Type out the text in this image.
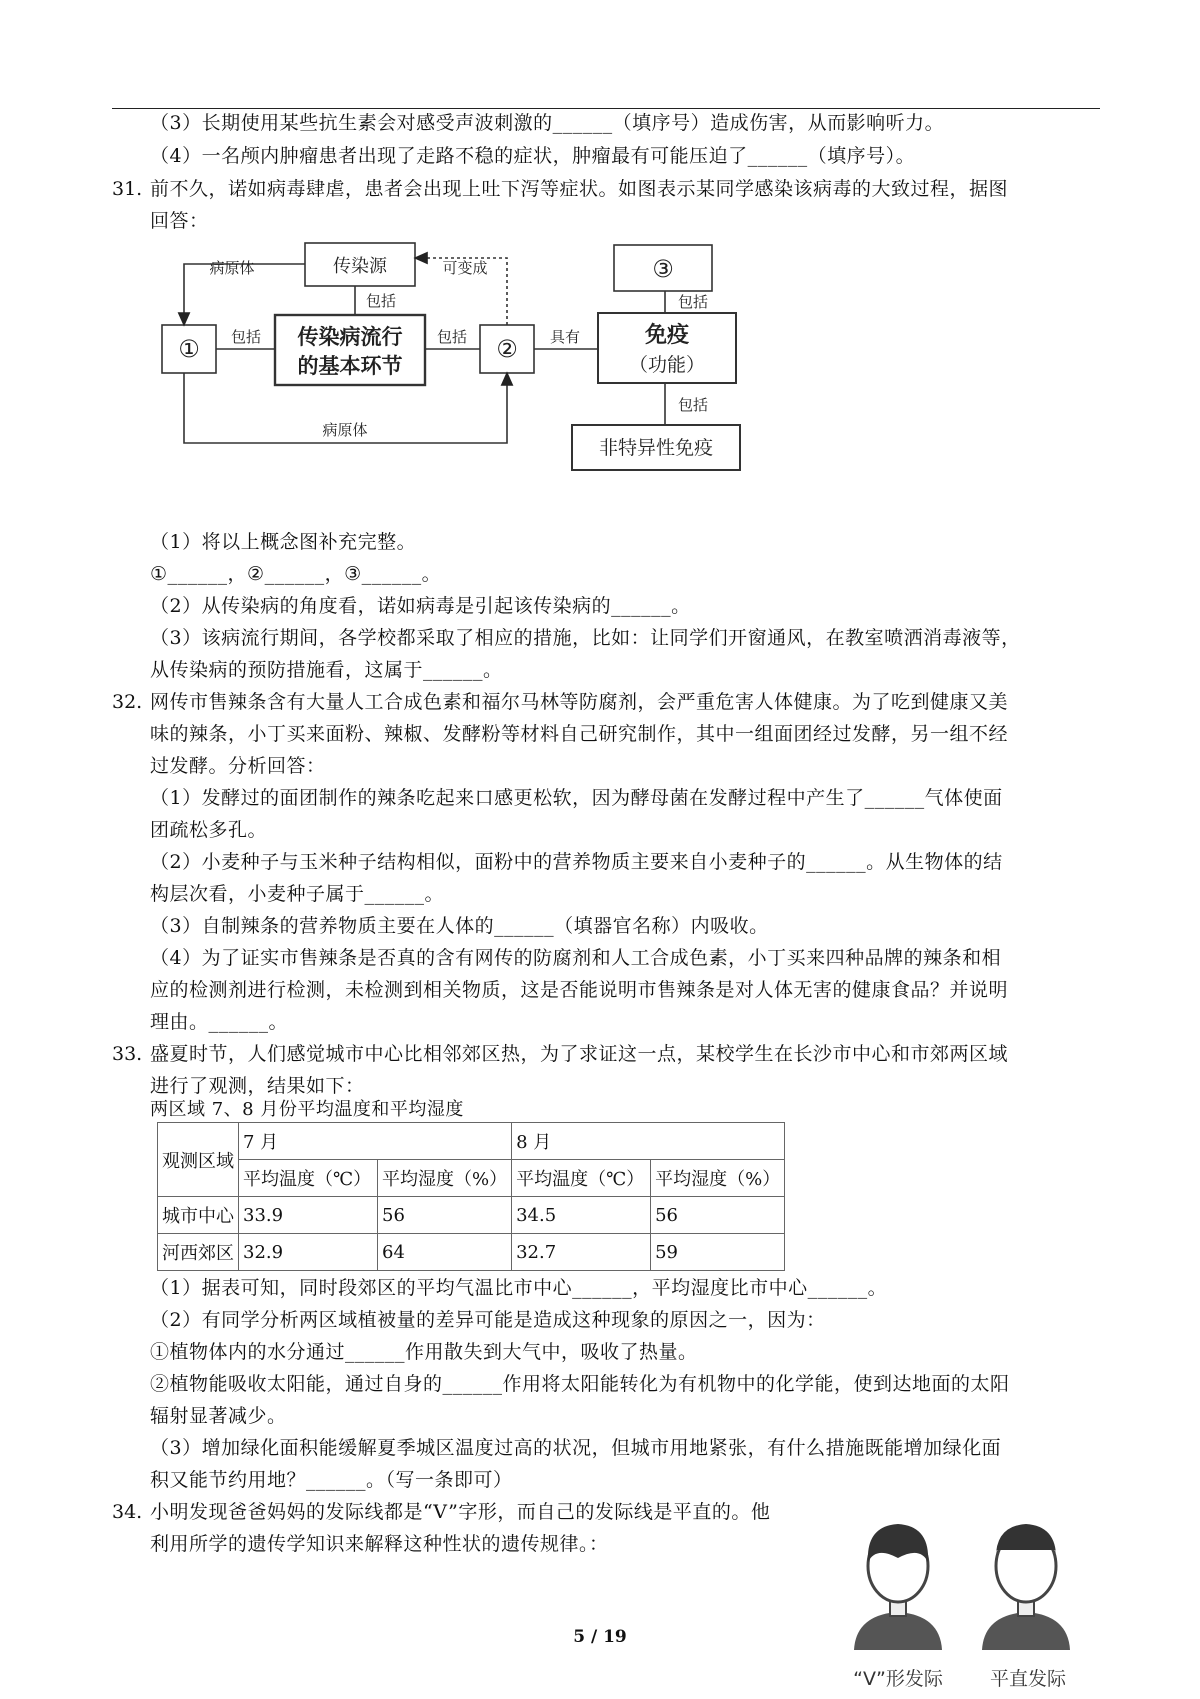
（3）长期使用某些抗生素会对感受声波刺激的______（填序号）造成伤害，从而影响听力。
（4）一名颅内肿瘤患者出现了走路不稳的症状，肿瘤最有可能压迫了______（填序号）。
31. 前不久，诺如病毒肆虐，患者会出现上吐下泻等症状。如图表示某同学感染该病毒的大致过程，据图
回答：
传染源
传染病流行
的基本环节
①	②
③
免疫
（功能）
非特异性免疫
病原体
病原体
包括
包括	包括
包括
包括
可变成
具有
（1）将以上概念图补充完整。
①______，②______，③______。
（2）从传染病的角度看，诺如病毒是引起该传染病的______。
（3）该病流行期间，各学校都采取了相应的措施，比如：让同学们开窗通风，在教室喷洒消毒液等，
从传染病的预防措施看，这属于______。
32. 网传市售辣条含有大量人工合成色素和福尔马林等防腐剂，会严重危害人体健康。为了吃到健康又美
味的辣条，小丁买来面粉、辣椒、发酵粉等材料自己研究制作，其中一组面团经过发酵，另一组不经
过发酵。分析回答：
（1）发酵过的面团制作的辣条吃起来口感更松软，因为酵母菌在发酵过程中产生了______气体使面
团疏松多孔。
（2）小麦种子与玉米种子结构相似，面粉中的营养物质主要来自小麦种子的______。从生物体的结
构层次看，小麦种子属于______。
（3）自制辣条的营养物质主要在人体的______（填器官名称）内吸收。
（4）为了证实市售辣条是否真的含有网传的防腐剂和人工合成色素，小丁买来四种品牌的辣条和相
应的检测剂进行检测，未检测到相关物质，这是否能说明市售辣条是对人体无害的健康食品？并说明
理由。______。
33. 盛夏时节，人们感觉城市中心比相邻郊区热，为了求证这一点，某校学生在长沙市中心和市郊两区域
进行了观测，结果如下：
两区域 7、8 月份平均温度和平均湿度
观测区域	7 月		8 月	
	平均温度（℃）	平均湿度（%）	平均温度（℃）	平均湿度（%）
城市中心	33.9	56	34.5	56
河西郊区	32.9	64	32.7	59
（1）据表可知，同时段郊区的平均气温比市中心______，平均湿度比市中心______。
（2）有同学分析两区域植被量的差异可能是造成这种现象的原因之一，因为：
①植物体内的水分通过______作用散失到大气中，吸收了热量。
②植物能吸收太阳能，通过自身的______作用将太阳能转化为有机物中的化学能，使到达地面的太阳
辐射显著减少。
（3）增加绿化面积能缓解夏季城区温度过高的状况，但城市用地紧张，有什么措施既能增加绿化面
积又能节约用地？______。（写一条即可）
34. 小明发现爸爸妈妈的发际线都是“V”字形，而自己的发际线是平直的。他
利用所学的遗传学知识来解释这种性状的遗传规律。：
“V”形发际 平直发际
5 / 19
